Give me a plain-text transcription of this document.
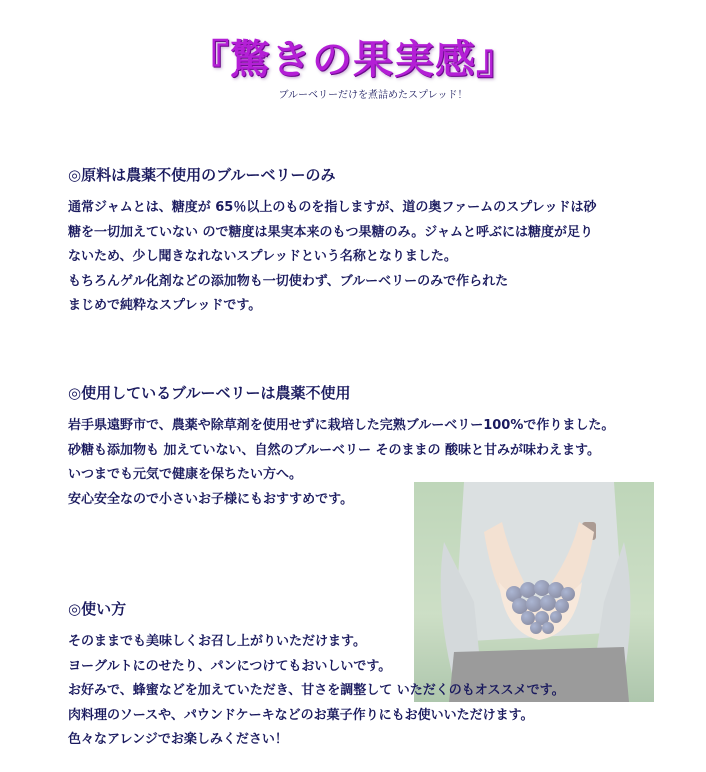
『驚きの果実感』
ブルーベリーだけを煮詰めたスプレッド！
◎原料は農薬不使用のブルーベリーのみ
通常ジャムとは、糖度が 65％以上のものを指しますが、道の奥ファームのスプレッドは砂
糖を一切加えていない ので糖度は果実本来のもつ果糖のみ。ジャムと呼ぶには糖度が足り
ないため、少し聞きなれないスプレッドという名称となりました。
もちろんゲル化剤などの添加物も一切使わず、ブルーベリーのみで作られた
まじめで純粋なスプレッドです。
◎使用しているブルーベリーは農薬不使用
岩手県遠野市で、農薬や除草剤を使用せずに栽培した完熟ブルーベリー100%で作りました。
砂糖も添加物も 加えていない、自然のブルーベリー そのままの 酸味と甘みが味わえます。
いつまでも元気で健康を保ちたい方へ。
安心安全なので小さいお子様にもおすすめです。
◎使い方
そのままでも美味しくお召し上がりいただけます。
ヨーグルトにのせたり、パンにつけてもおいしいです。
お好みで、蜂蜜などを加えていただき、甘さを調整して いただくのもオススメです。
肉料理のソースや、パウンドケーキなどのお菓子作りにもお使いいただけます。
色々なアレンジでお楽しみください！
